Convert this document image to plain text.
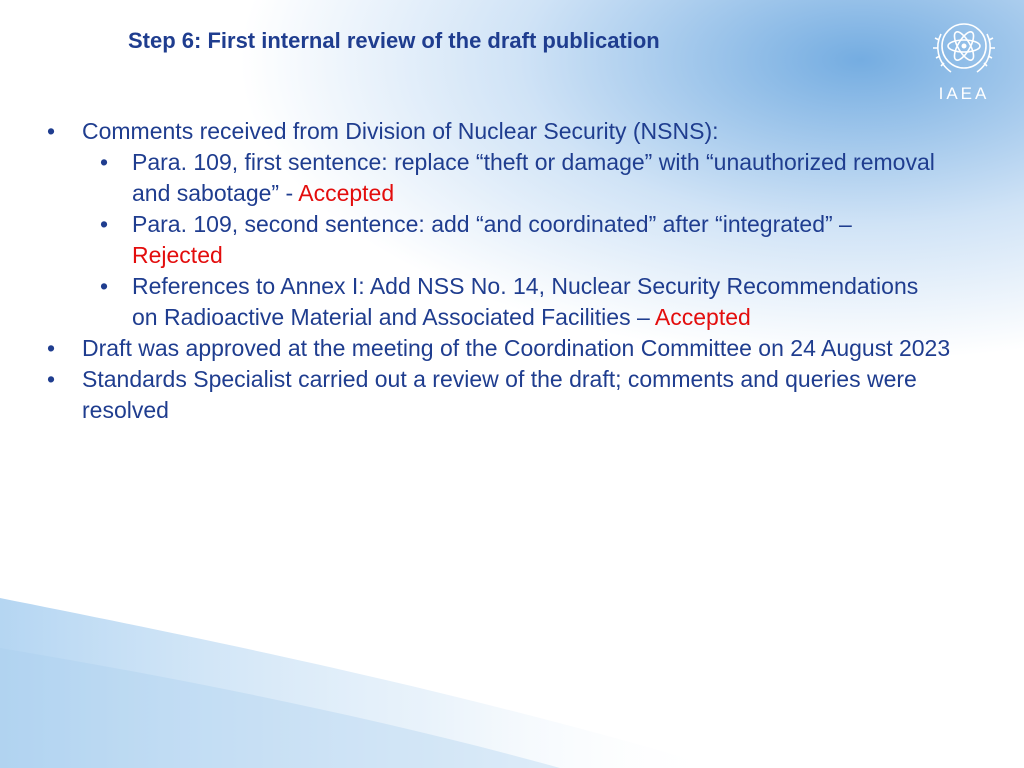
Step 6: First internal review of the draft publication
IAEA
• Comments received from Division of Nuclear Security (NSNS):
• Para. 109, first sentence: replace “theft or damage” with “unauthorized removal and sabotage” - Accepted
• Para. 109, second sentence: add “and coordinated” after “integrated” – Rejected
• References to Annex I: Add NSS No. 14, Nuclear Security Recommendations on Radioactive Material and Associated Facilities – Accepted
• Draft was approved at the meeting of the Coordination Committee on 24 August 2023
• Standards Specialist carried out a review of the draft; comments and queries were resolved
